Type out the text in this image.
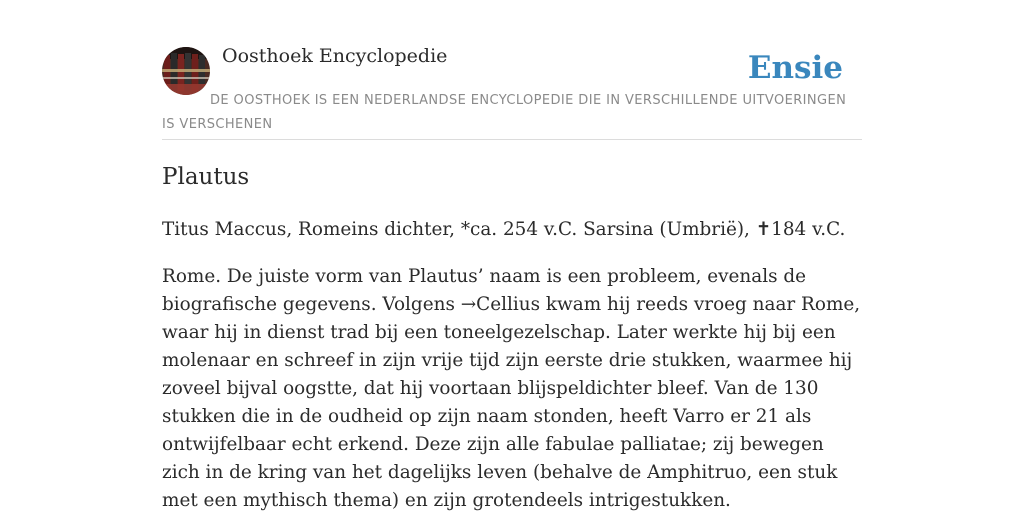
Oosthoek Encyclopedie	Ensie

DE OOSTHOEK IS EEN NEDERLANDSE ENCYCLOPEDIE DIE IN VERSCHILLENDE UITVOERINGEN IS VERSCHENEN

Plautus

Titus Maccus, Romeins dichter, *ca. 254 v.C. Sarsina (Umbrië), ✝184 v.C.

Rome. De juiste vorm van Plautus’ naam is een probleem, evenals de biografische gegevens. Volgens →Cellius kwam hij reeds vroeg naar Rome, waar hij in dienst trad bij een toneelgezelschap. Later werkte hij bij een molenaar en schreef in zijn vrije tijd zijn eerste drie stukken, waarmee hij zoveel bijval oogstte, dat hij voortaan blijspeldichter bleef. Van de 130 stukken die in de oudheid op zijn naam stonden, heeft Varro er 21 als ontwijfelbaar echt erkend. Deze zijn alle fabulae palliatae; zij bewegen zich in de kring van het dagelijks leven (behalve de Amphitruo, een stuk met een mythisch thema) en zijn grotendeels intrigestukken.
